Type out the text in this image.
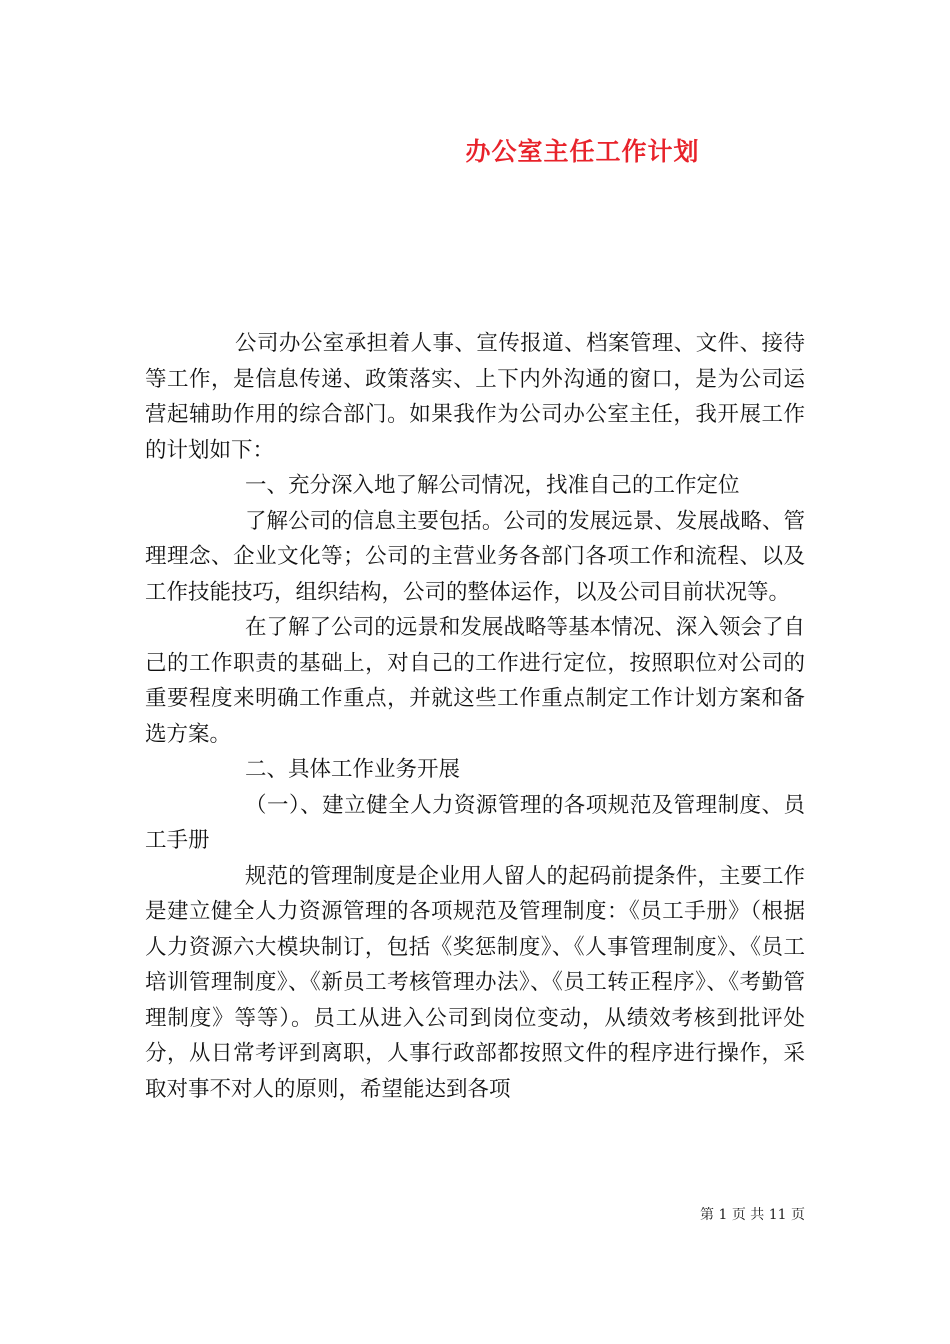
办公室主任工作计划

公司办公室承担着人事、宣传报道、档案管理、文件、接待等工作，是信息传递、政策落实、上下内外沟通的窗口，是为公司运营起辅助作用的综合部门。如果我作为公司办公室主任，我开展工作的计划如下：

一、充分深入地了解公司情况，找准自己的工作定位

了解公司的信息主要包括。公司的发展远景、发展战略、管理理念、企业文化等；公司的主营业务各部门各项工作和流程、以及工作技能技巧，组织结构，公司的整体运作，以及公司目前状况等。

在了解了公司的远景和发展战略等基本情况、深入领会了自己的工作职责的基础上，对自己的工作进行定位，按照职位对公司的重要程度来明确工作重点，并就这些工作重点制定工作计划方案和备选方案。

二、具体工作业务开展

（一）、建立健全人力资源管理的各项规范及管理制度、员工手册

规范的管理制度是企业用人留人的起码前提条件，主要工作是建立健全人力资源管理的各项规范及管理制度：《员工手册》（根据人力资源六大模块制订，包括《奖惩制度》、《人事管理制度》、《员工培训管理制度》、《新员工考核管理办法》、《员工转正程序》、《考勤管理制度》等等）。员工从进入公司到岗位变动，从绩效考核到批评处分，从日常考评到离职，人事行政部都按照文件的程序进行操作，采取对事不对人的原则，希望能达到各项

第 1 页 共 11 页
